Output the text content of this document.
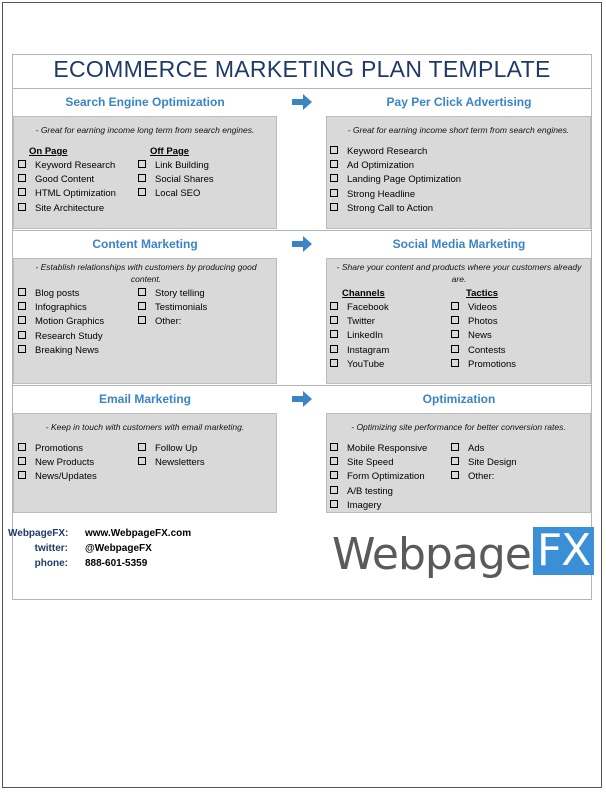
ECOMMERCE MARKETING PLAN TEMPLATE
Search Engine Optimization	Pay Per Click Advertising
Content Marketing	Social Media Marketing
Email Marketing	Optimization
- Great for earning income long term from search engines.	- Great for earning income short term from search engines.
- Establish relationships with customers by producing good content.
- Share your content and products where your customers already are.
- Keep in touch with customers with email marketing.	- Optimizing site performance for better conversion rates.
On Page	Off Page
Channels	Tactics
Keyword Research
Good Content
HTML Optimization
Site Architecture
Link Building
Social Shares
Local SEO
Keyword Research
Ad Optimization
Landing Page Optimization
Strong Headline
Strong Call to Action
Blog posts
Infographics
Motion Graphics
Research Study
Breaking News
Story telling
Testimonials
Other:
Facebook
Twitter
LinkedIn
Instagram
YouTube
Videos
Photos
News
Contests
Promotions
Promotions
New Products
News/Updates
Follow Up
Newsletters
Mobile Responsive
Site Speed
Form Optimization
A/B testing
Imagery
Ads
Site Design
Other:
WebpageFX: www.WebpageFX.com
twitter: @WebpageFX
phone: 888-601-5359	Webpage FX
